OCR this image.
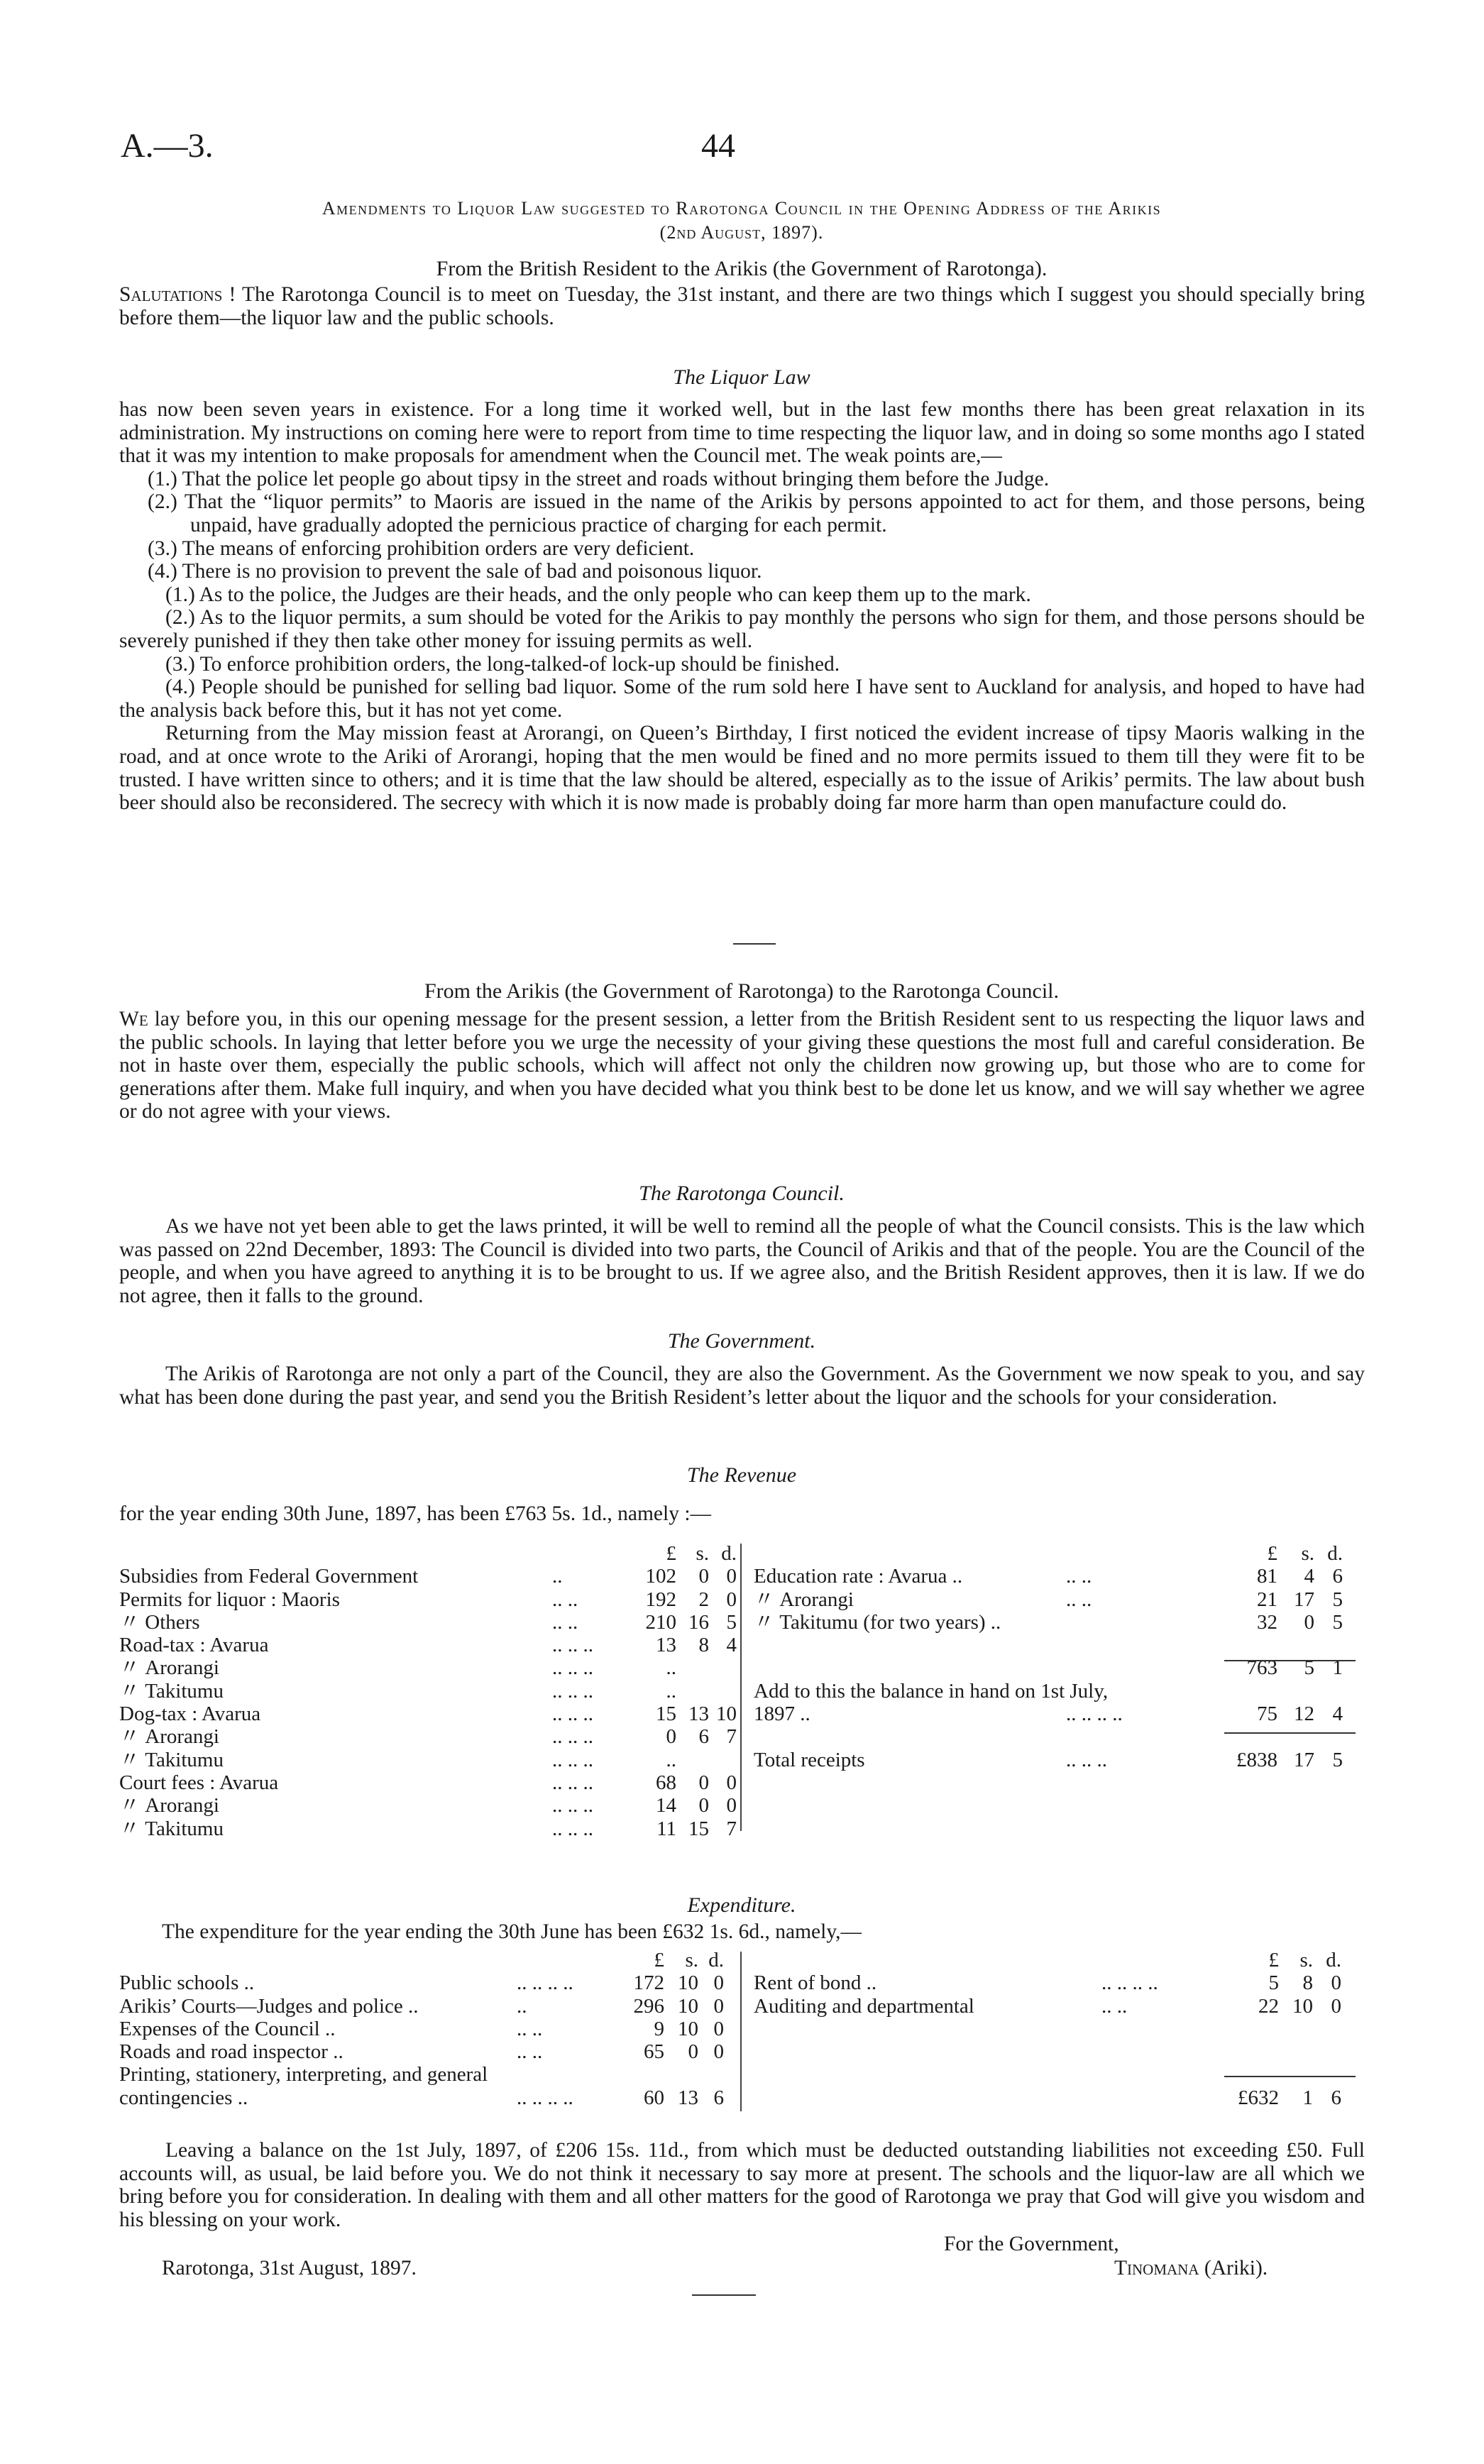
A.—3.	44
Amendments to Liquor Law suggested to Rarotonga Council in the Opening Address of the Arikis
(2nd August, 1897).
From the British Resident to the Arikis (the Government of Rarotonga).

Salutations ! The Rarotonga Council is to meet on Tuesday, the 31st instant, and there are two things which I suggest you should specially bring before them—the liquor law and the public schools.

The Liquor Law

has now been seven years in existence. For a long time it worked well, but in the last few months there has been great relaxation in its administration. My instructions on coming here were to report from time to time respecting the liquor law, and in doing so some months ago I stated that it was my intention to make proposals for amendment when the Council met. The weak points are,—

(1.) That the police let people go about tipsy in the street and roads without bringing them before the Judge.

(2.) That the “liquor permits” to Maoris are issued in the name of the Arikis by persons appointed to act for them, and those persons, being unpaid, have gradually adopted the pernicious practice of charging for each permit.

(3.) The means of enforcing prohibition orders are very deficient.

(4.) There is no provision to prevent the sale of bad and poisonous liquor.

(1.) As to the police, the Judges are their heads, and the only people who can keep them up to the mark.

(2.) As to the liquor permits, a sum should be voted for the Arikis to pay monthly the persons who sign for them, and those persons should be severely punished if they then take other money for issuing permits as well.

(3.) To enforce prohibition orders, the long-talked-of lock-up should be finished.

(4.) People should be punished for selling bad liquor. Some of the rum sold here I have sent to Auckland for analysis, and hoped to have had the analysis back before this, but it has not yet come.

Returning from the May mission feast at Arorangi, on Queen’s Birthday, I first noticed the evident increase of tipsy Maoris walking in the road, and at once wrote to the Ariki of Arorangi, hoping that the men would be fined and no more permits issued to them till they were fit to be trusted. I have written since to others; and it is time that the law should be altered, especially as to the issue of Arikis’ permits. The law about bush beer should also be reconsidered. The secrecy with which it is now made is probably doing far more harm than open manufacture could do.

From the Arikis (the Government of Rarotonga) to the Rarotonga Council.

We lay before you, in this our opening message for the present session, a letter from the British Resident sent to us respecting the liquor laws and the public schools. In laying that letter before you we urge the necessity of your giving these questions the most full and careful consideration. Be not in haste over them, especially the public schools, which will affect not only the children now growing up, but those who are to come for generations after them. Make full inquiry, and when you have decided what you think best to be done let us know, and we will say whether we agree or do not agree with your views.

The Rarotonga Council.

As we have not yet been able to get the laws printed, it will be well to remind all the people of what the Council consists. This is the law which was passed on 22nd December, 1893: The Council is divided into two parts, the Council of Arikis and that of the people. You are the Council of the people, and when you have agreed to anything it is to be brought to us. If we agree also, and the British Resident approves, then it is law. If we do not agree, then it falls to the ground.

The Government.

The Arikis of Rarotonga are not only a part of the Council, they are also the Government. As the Government we now speak to you, and say what has been done during the past year, and send you the British Resident’s letter about the liquor and the schools for your consideration.

The Revenue
for the year ending 30th June, 1897, has been £763 5s. 1d., namely :—
£ s. d.
Subsidies from Federal Government	..	102	0 0
Permits for liquor : Maoris	.. ..	192	2 0
〃 Others	.. ..	210 16 5
Road-tax : Avarua	.. .. ..	13	8 4
〃 Arorangi	.. .. ..	..
〃 Takitumu	.. .. ..	..
Dog-tax : Avarua	.. .. ..	15 13 10
〃 Arorangi	.. .. ..	0	6 7
〃 Takitumu	.. .. ..	..
Court fees : Avarua	.. .. ..	68	0 0
〃 Arorangi	.. .. ..	14	0 0
〃 Takitumu	.. .. ..	11 15 7
£	s. d.
Education rate : Avarua ..	.. ..	81	4 6
〃 Arorangi	.. ..	21 17 5
〃 Takitumu (for two years) ..	32	0 5
763	5 1
Add to this the balance in hand on 1st July,
1897 ..	.. .. .. ..	75 12 4
Total receipts	.. .. ..	£838 17 5
Expenditure.
The expenditure for the year ending the 30th June has been £632 1s. 6d., namely,—
£	s. d.
Public schools ..	.. .. .. ..	172 10 0
Arikis’ Courts—Judges and police ..	..	296 10 0
Expenses of the Council ..	.. ..	9 10 0
Roads and road inspector ..	.. ..	65	0 0
Printing, stationery, interpreting, and general
contingencies ..	.. .. .. ..	60 13 6
£	s. d.
Rent of bond ..	.. .. .. ..	5	8 0
Auditing and departmental	.. ..	22 10 0
£632	1 6

Leaving a balance on the 1st July, 1897, of £206 15s. 11d., from which must be deducted outstanding liabilities not exceeding £50. Full accounts will, as usual, be laid before you. We do not think it necessary to say more at present. The schools and the liquor-law are all which we bring before you for consideration. In dealing with them and all other matters for the good of Rarotonga we pray that God will give you wisdom and his blessing on your work.

For the Government,
Rarotonga, 31st August, 1897.	Tinomana (Ariki).
